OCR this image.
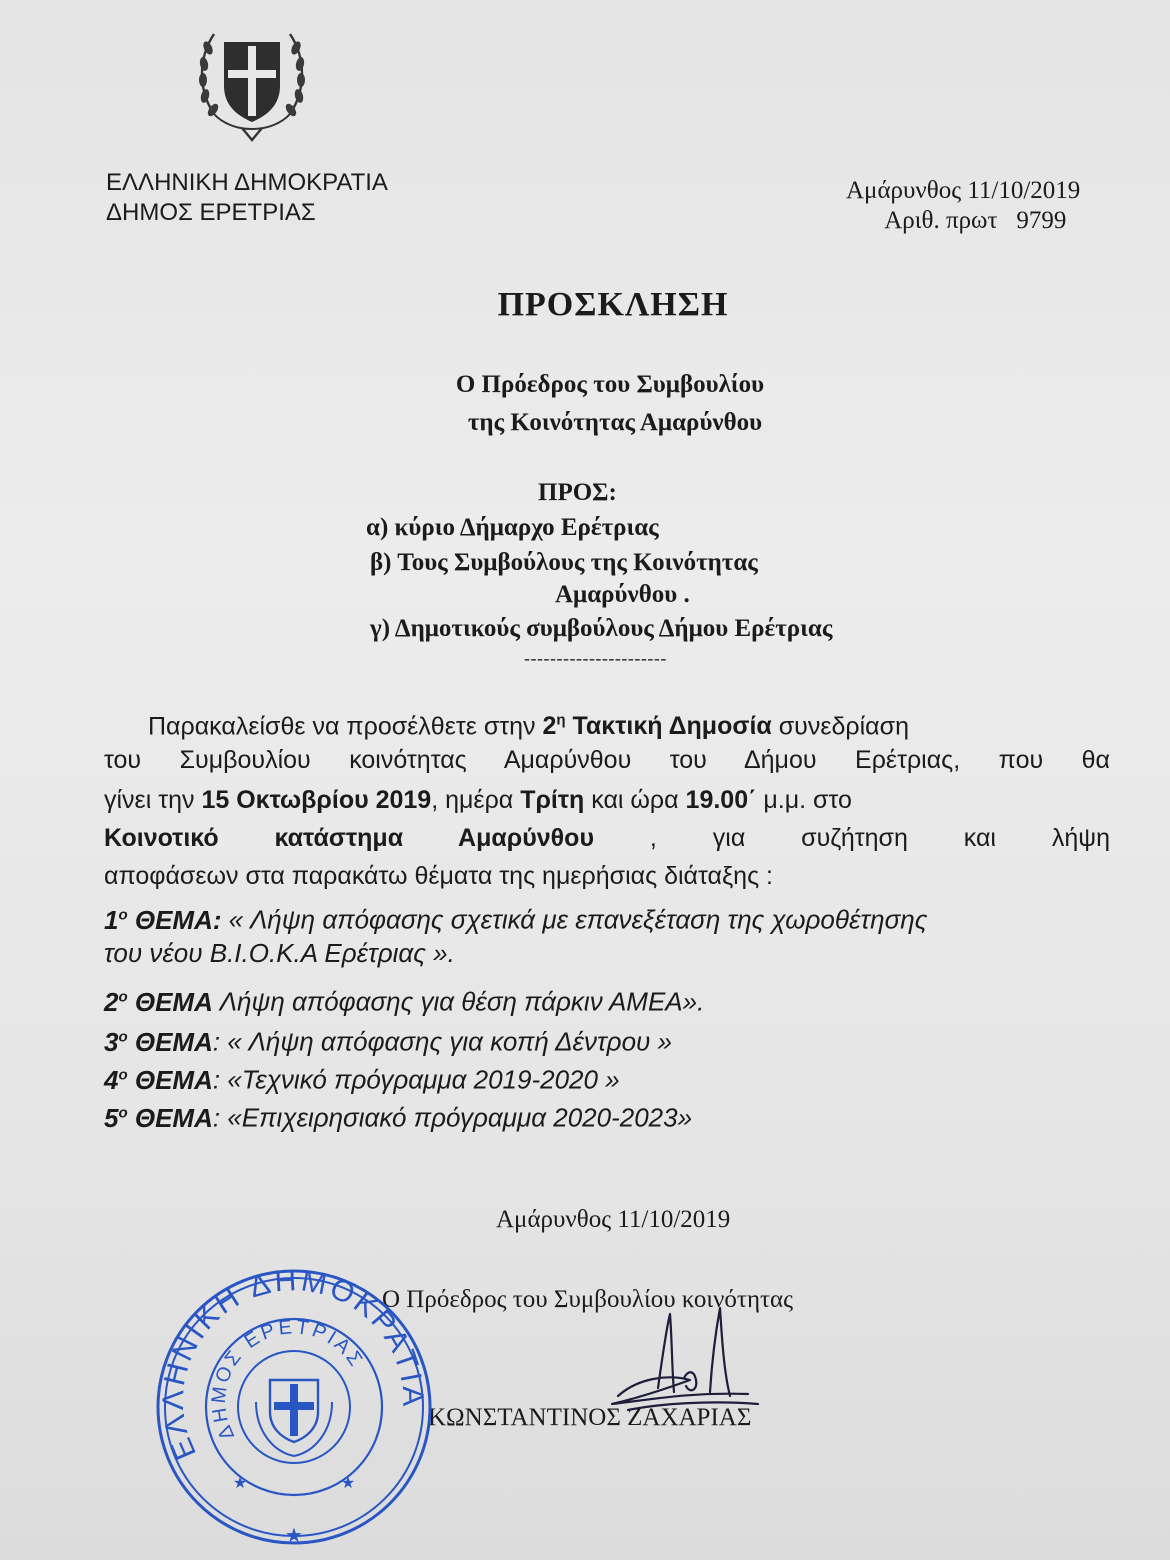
ΕΛΛΗΝΙΚΗ ΔΗΜΟΚΡΑΤΙΑ
ΔΗΜΟΣ ΕΡΕΤΡΙΑΣ
Αμάρυνθος 11/10/2019
Αριθ. πρωτ 9799
ΠΡΟΣΚΛΗΣΗ
Ο Πρόεδρος του Συμβουλίου
της Κοινότητας Αμαρύνθου
ΠΡΟΣ:
α) κύριο Δήμαρχο Ερέτριας
β) Τους Συμβούλους της Κοινότητας
Αμαρύνθου .
γ) Δημοτικούς συμβούλους Δήμου Ερέτριας
----------------------
Παρακαλείσθε να προσέλθετε στην $2^\eta$ Τακτική Δημοσία συνεδρίαση
του Συμβουλίου κοινότητας Αμαρύνθου του Δήμου Ερέτριας, που θα
γίνει την 15 Οκτωβρίου 2019, ημέρα Τρίτη και ώρα 19.00΄ μ.μ. στο
Κοινοτικό κατάστημα Αμαρύνθου , για συζήτηση και λήψη
αποφάσεων στα παρακάτω θέματα της ημερήσιας διάταξης :
$1^o$ ΘΕΜΑ: « Λήψη απόφασης σχετικά με επανεξέταση της χωροθέτησης
του νέου Β.Ι.Ο.Κ.Α Ερέτριας ».
$2^o$ ΘΕΜΑ Λήψη απόφασης για θέση πάρκιν ΑΜΕΑ».
$3^o$ ΘΕΜΑ: « Λήψη απόφασης για κοπή Δέντρου »
$4^o$ ΘΕΜΑ: «Τεχνικό πρόγραμμα 2019-2020 »
$5^o$ ΘΕΜΑ: «Επιχειρησιακό πρόγραμμα 2020-2023»
Αμάρυνθος 11/10/2019
Ο Πρόεδρος του Συμβουλίου κοινότητας
ΚΩΝΣΤΑΝΤΙΝΟΣ ΖΑΧΑΡΙΑΣ
ΕΛΛΗΝΙΚΗ ΔΗΜΟΚΡΑΤΙΑ
ΔΗΜΟΣ ΕΡΕΤΡΙΑΣ
★
★	★
